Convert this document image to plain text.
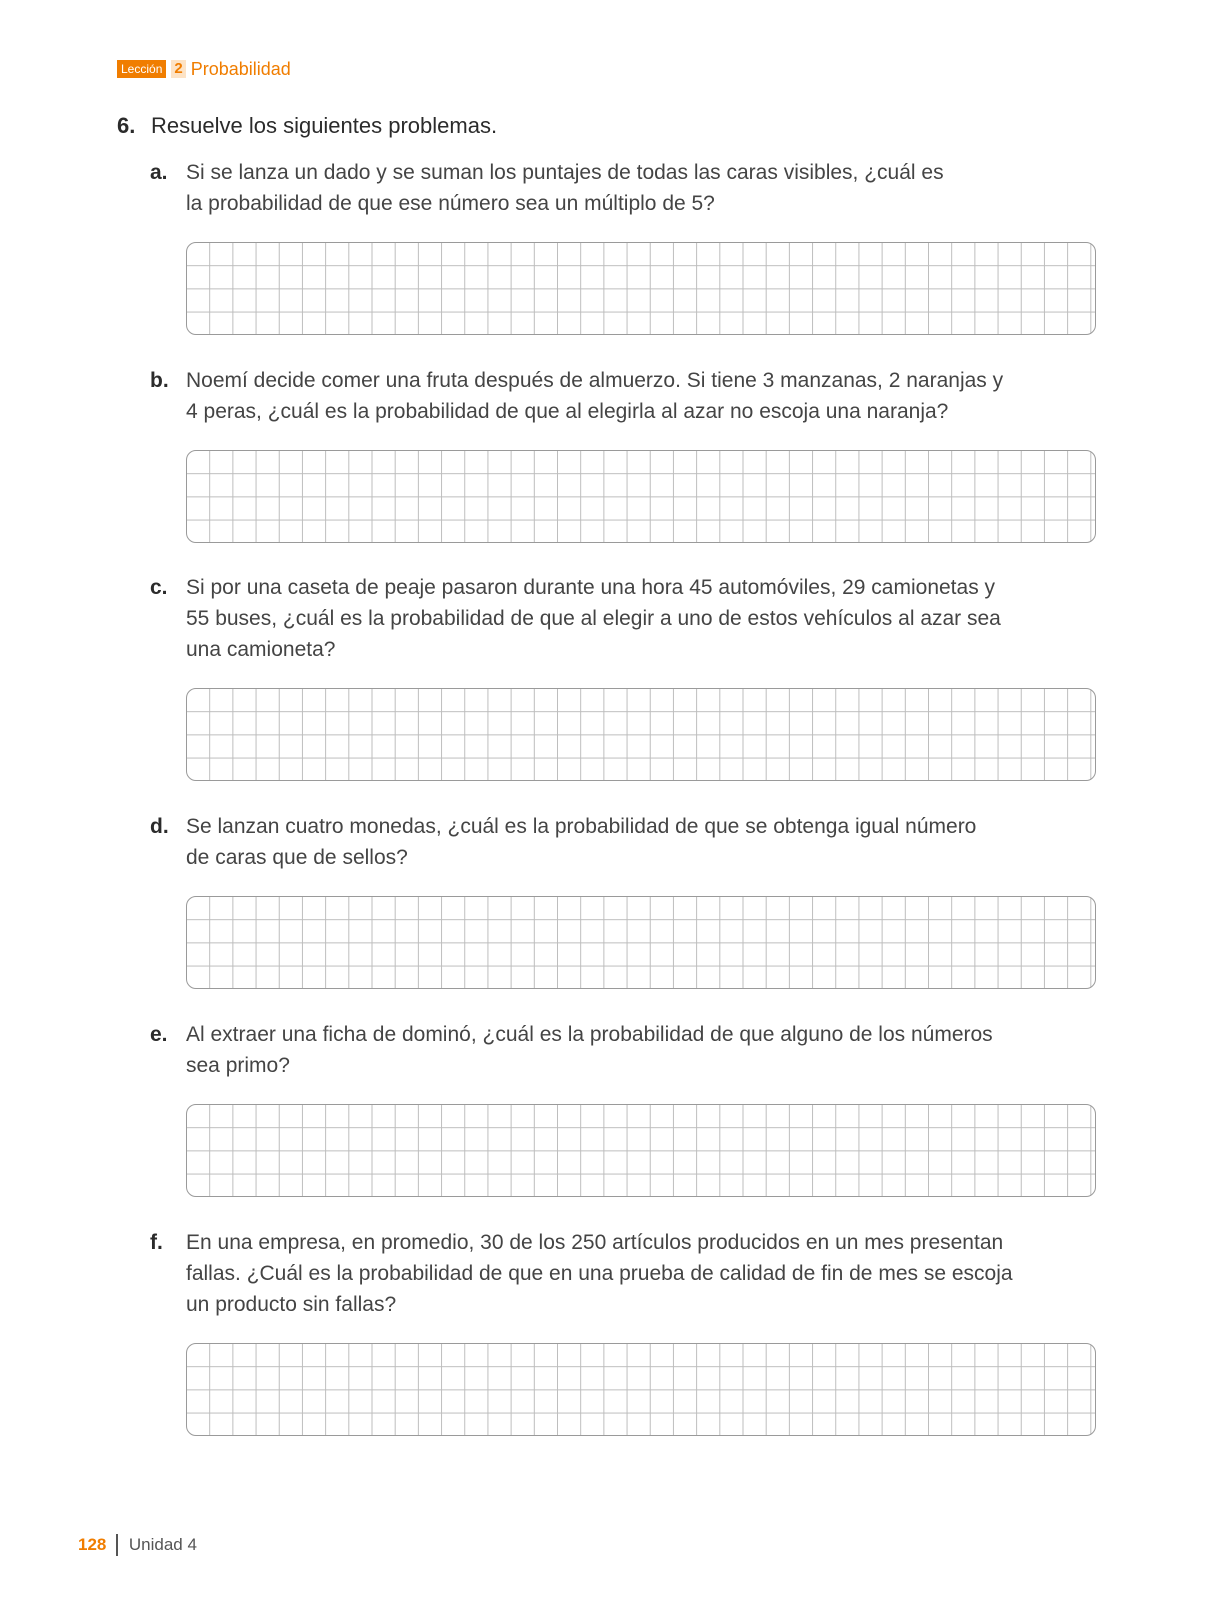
Lección 2 Probabilidad
6. Resuelve los siguientes problemas.
a. Si se lanza un dado y se suman los puntajes de todas las caras visibles, ¿cuál es
la probabilidad de que ese número sea un múltiplo de 5?
b. Noemí decide comer una fruta después de almuerzo. Si tiene 3 manzanas, 2 naranjas y
4 peras, ¿cuál es la probabilidad de que al elegirla al azar no escoja una naranja?
c. Si por una caseta de peaje pasaron durante una hora 45 automóviles, 29 camionetas y
55 buses, ¿cuál es la probabilidad de que al elegir a uno de estos vehículos al azar sea
una camioneta?
d. Se lanzan cuatro monedas, ¿cuál es la probabilidad de que se obtenga igual número
de caras que de sellos?
e. Al extraer una ficha de dominó, ¿cuál es la probabilidad de que alguno de los números
sea primo?
f. En una empresa, en promedio, 30 de los 250 artículos producidos en un mes presentan
fallas. ¿Cuál es la probabilidad de que en una prueba de calidad de fin de mes se escoja
un producto sin fallas?
128 Unidad 4
